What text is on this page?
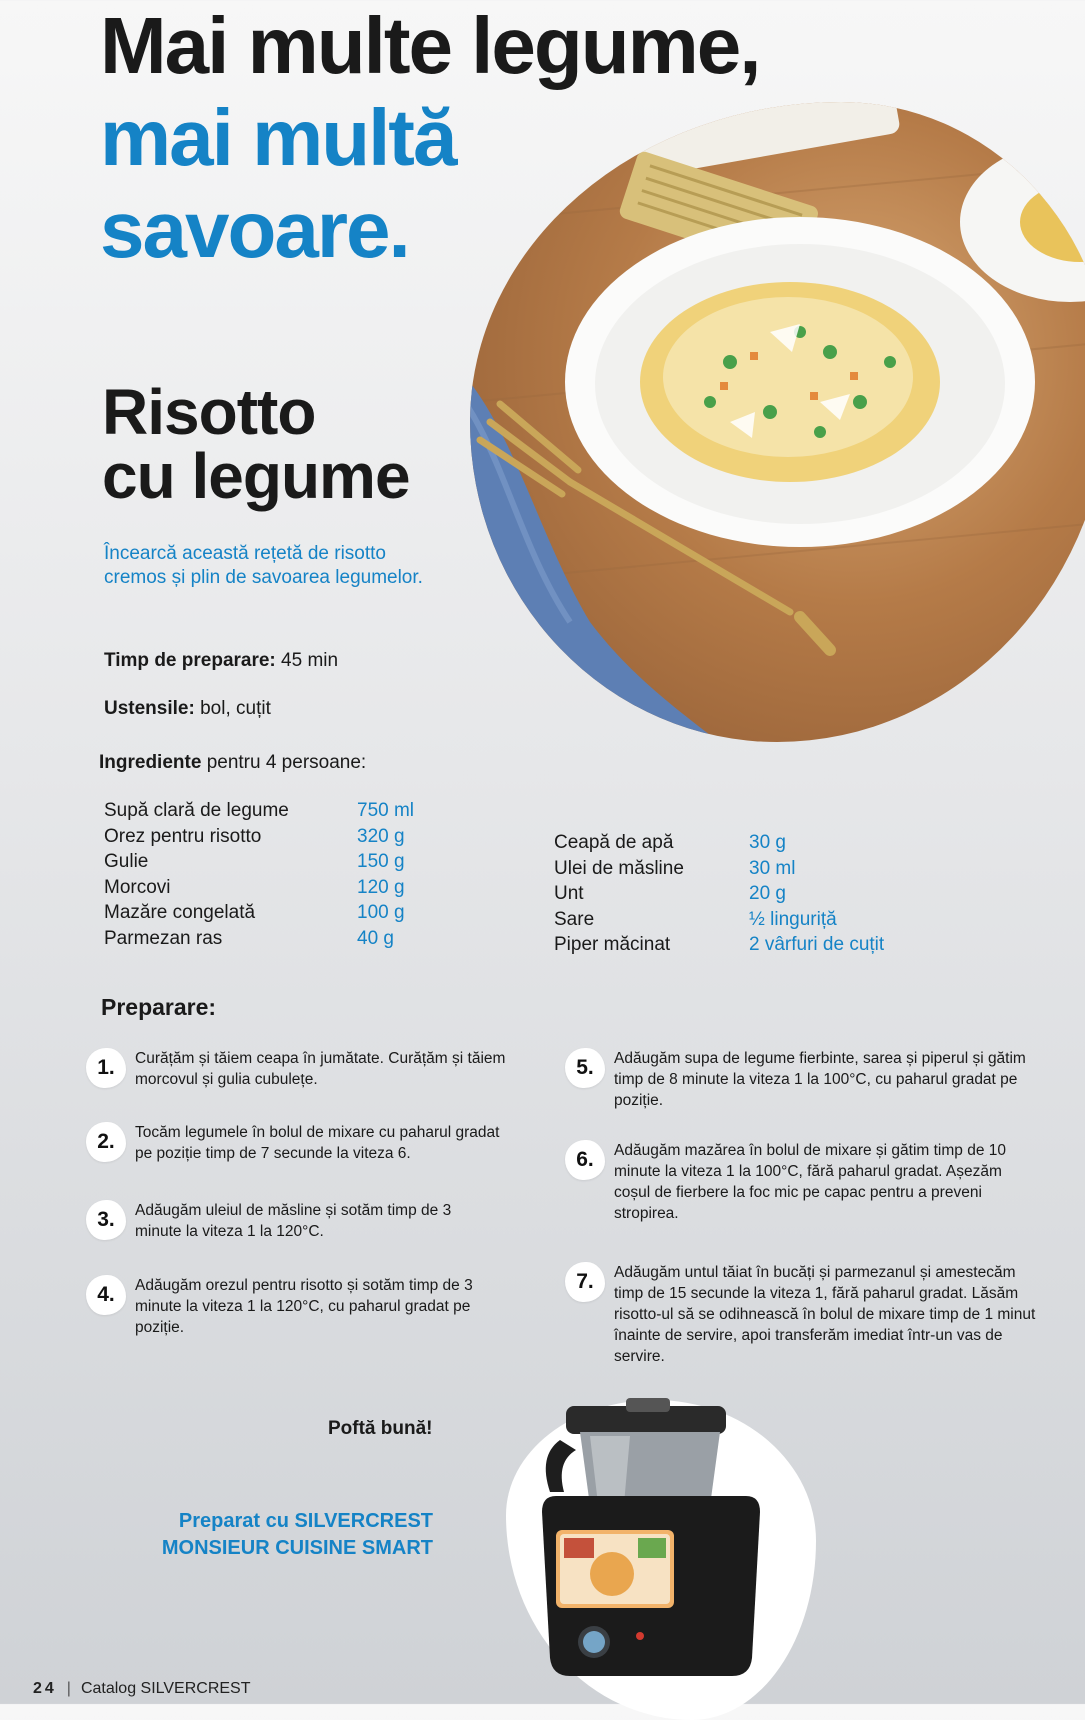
Mai multe legume,
mai multă
savoare.
Risotto
cu legume
Încearcă această rețetă de risotto cremos și plin de savoarea legumelor.
Timp de preparare: 45 min
Ustensile: bol, cuțit
Ingrediente pentru 4 persoane:
Supă clară de legume	750 ml
Orez pentru risotto	320 g
Gulie	150 g
Morcovi	120 g
Mazăre congelată	100 g
Parmezan ras	40 g
Ceapă de apă	30 g
Ulei de măsline	30 ml
Unt	20 g
Sare	½ linguriță
Piper măcinat	2 vârfuri de cuțit
Preparare:
1.	Curățăm și tăiem ceapa în jumătate. Curățăm și tăiem morcovul și gulia cubulețe.
2.	Tocăm legumele în bolul de mixare cu paharul gradat pe poziție timp de 7 secunde la viteza 6.
3.	Adăugăm uleiul de măsline și sotăm timp de 3 minute la viteza 1 la 120°C.
4.	Adăugăm orezul pentru risotto și sotăm timp de 3 minute la viteza 1 la 120°C, cu paharul gradat pe poziție.
5.	Adăugăm supa de legume fierbinte, sarea și piperul și gătim timp de 8 minute la viteza 1 la 100°C, cu paharul gradat pe poziție.
6.	Adăugăm mazărea în bolul de mixare și gătim timp de 10 minute la viteza 1 la 100°C, fără paharul gradat. Așezăm coșul de fierbere la foc mic pe capac pentru a preveni stropirea.
7.	Adăugăm untul tăiat în bucăți și parmezanul și amestecăm timp de 15 secunde la viteza 1, fără paharul gradat. Lăsăm risotto-ul să se odihnească în bolul de mixare timp de 1 minut înainte de servire, apoi transferăm imediat într-un vas de servire.
Poftă bună!
Preparat cu SILVERCREST
MONSIEUR CUISINE SMART
24 | Catalog SILVERCREST
